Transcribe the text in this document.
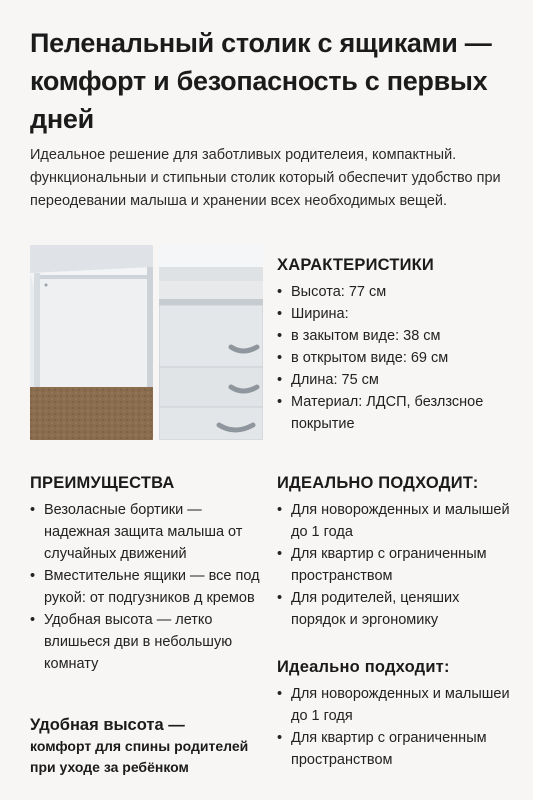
Пеленальный столик с ящиками — комфорт и безопасность с первых дней

Идеальное решение для заботливых родителеия, компактный. функциональныи и стипьныи столик который обеспечит удобство при переодевании малыша и хранении всех необходимых вещей.

ХАРАКТЕРИСТИКИ
• Высота: 77 см
• Ширина:
• в закытом виде: 38 см
• в открытом виде: 69 см
• Длина: 75 см
• Материал: ЛДСП, безлзсное покрытие
ПРЕИМУЩЕСТВА
• Везоласные бортики — надежная защита малыша от случайных движений
• Вместительне ящики — все под рукой: от подгузников д кремов
• Удобная высота — летко влишьеся дви в небольшую комнату
ИДЕАЛЬНО ПОДХОДИТ:
• Для новорожденных и малышей до 1 года
• Для квартир с ограниченным пространством
• Для родителей, ценяших порядок и эргономику
Идеально подходит:
• Для новорожденных и малышеи до 1 годя
• Для квартир с ограниченным пространством
Удобная высота —
комфорт для спины родителей при уходе за ребёнком
